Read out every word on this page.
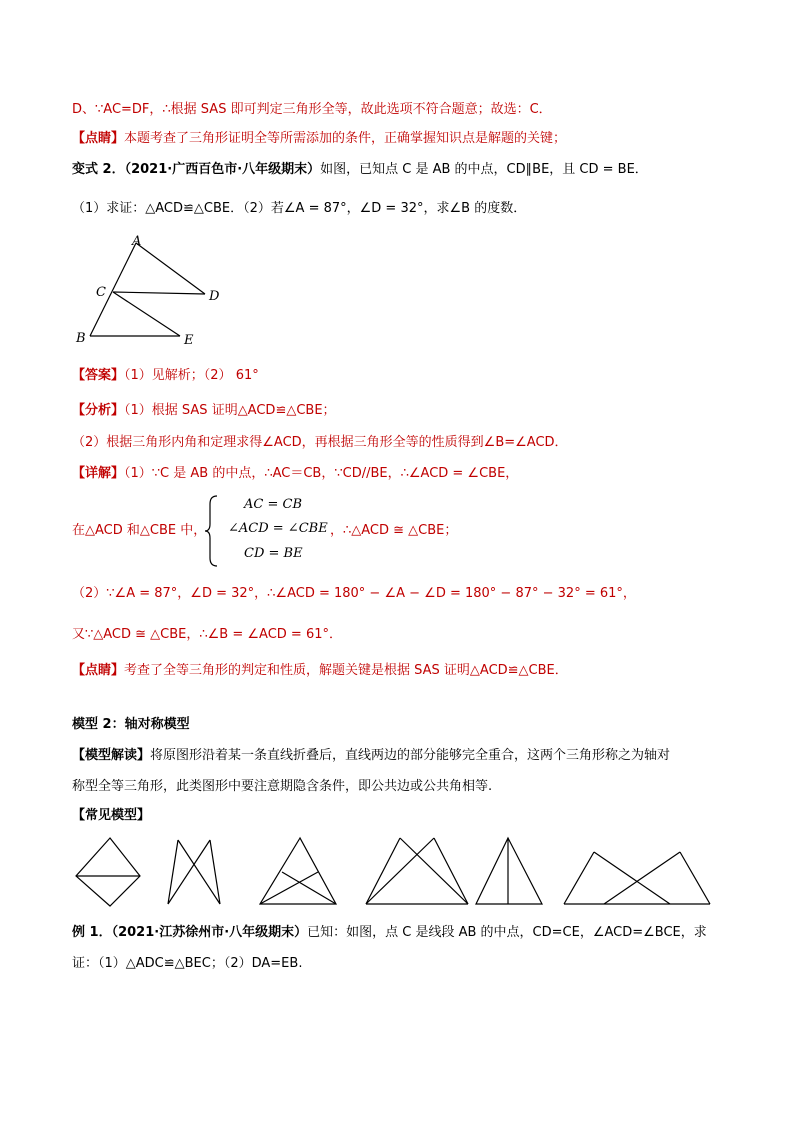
D、∵AC=DF，∴根据 SAS 即可判定三角形全等，故此选项不符合题意；故选：C．
【点睛】本题考查了三角形证明全等所需添加的条件，正确掌握知识点是解题的关键；
变式 2．（2021·广西百色市·八年级期末）如图，已知点 C 是 AB 的中点，CD∥BE，且 CD = BE．
（1）求证：△ACD≌△CBE．（2）若∠A = 87°，∠D = 32°，求∠B 的度数．
A
C	D
B	E
【答案】（1）见解析；（2） 61°
【分析】（1）根据 SAS 证明△ACD≌△CBE；
（2）根据三角形内角和定理求得∠ACD，再根据三角形全等的性质得到∠B=∠ACD．
【详解】（1）∵C 是 AB 的中点，∴AC＝CB，∵CD//BE，∴∠ACD = ∠CBE，
在△ACD 和△CBE 中，
AC = CB
∠ACD = ∠CBE
CD = BE
，∴△ACD ≅ △CBE；
（2）∵∠A = 87°，∠D = 32°，∴∠ACD = 180° − ∠A − ∠D = 180° − 87° − 32° = 61°，
又∵△ACD ≅ △CBE，∴∠B = ∠ACD = 61°．
【点睛】考查了全等三角形的判定和性质，解题关键是根据 SAS 证明△ACD≌△CBE．
模型 2：轴对称模型
【模型解读】将原图形沿着某一条直线折叠后，直线两边的部分能够完全重合，这两个三角形称之为轴对
称型全等三角形，此类图形中要注意期隐含条件，即公共边或公共角相等.
【常见模型】
例 1．（2021·江苏徐州市·八年级期末）已知：如图，点 C 是线段 AB 的中点，CD=CE，∠ACD=∠BCE，求
证：（1）△ADC≌△BEC；（2）DA=EB.
